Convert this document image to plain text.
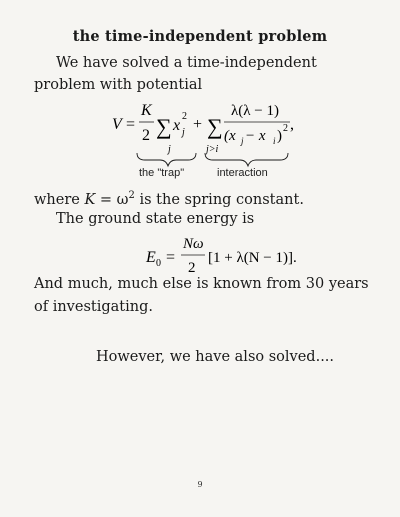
the time-independent problem
We have solved a time-independent
problem with potential
V =
K
2 ∑
j
x
2
j + ∑
j>i
λ(λ − 1)
(x j − x i ) 2 ,
the "trap"	interaction
where $K = \omega^2$ is the spring constant.
The ground state energy is
E 0 =
Nω
2
[1 + λ(N − 1)].
And much, much else is known from 30 years
of investigating.
However, we have also solved....
9
